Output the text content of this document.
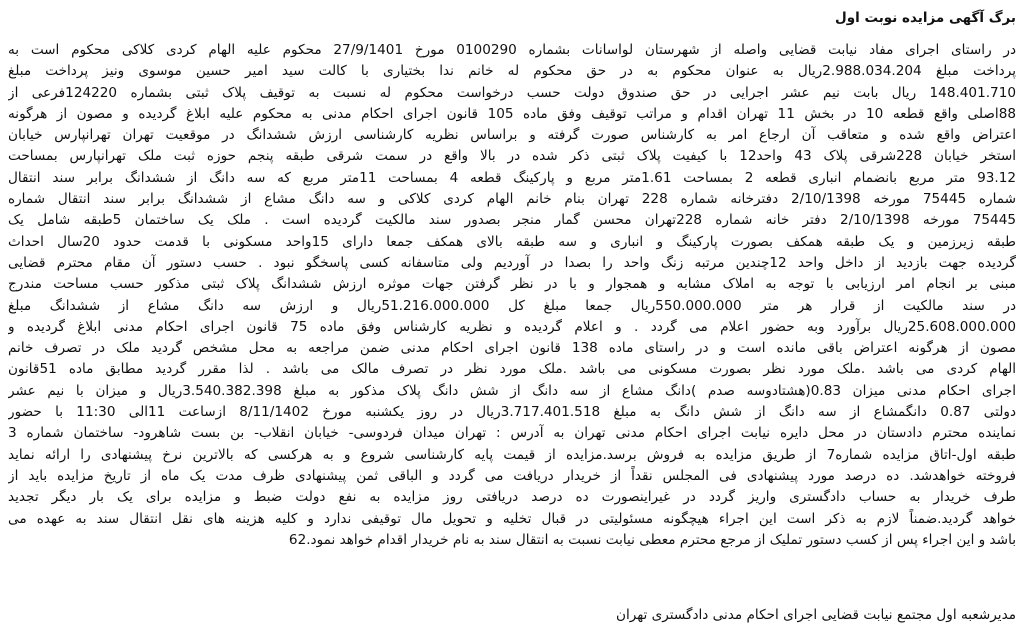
برگ آگهی مزایده نوبت اول
در راستای اجرای مفاد نیابت قضایی واصله از شهرستان لواسانات بشماره 0100290 مورخ 27/9/1401 محکوم علیه الهام کردی کلاکی محکوم است به
پرداخت مبلغ 2.988.034.204ریال به عنوان محکوم به در حق محکوم له خانم ندا بختیاری با کالت سید امیر حسین موسوی ونیز پرداخت مبلغ
148.401.710 ریال بابت نیم عشر اجرایی در حق صندوق دولت حسب درخواست محکوم له نسبت به توقیف پلاک ثبتی بشماره 124220فرعی از
88اصلی واقع قطعه 10 در بخش 11 تهران اقدام و مراتب توقیف وفق ماده 105 قانون اجرای احکام مدنی به محکوم علیه ابلاغ گردیده و مصون از هرگونه
اعتراض واقع شده و متعاقب آن ارجاع امر به کارشناس صورت گرفته و براساس نظریه کارشناسی ارزش ششدانگ در موقعیت تهران تهرانپارس خیابان
استخر خیابان 228شرقی پلاک 43 واحد12 با کیفیت پلاک ثبتی ذکر شده در بالا واقع در سمت شرقی طبقه پنجم حوزه ثبت ملک تهرانپارس بمساحت
93.12 متر مربع بانضمام انباری قطعه 2 بمساحت 1.61متر مربع و پارکینگ قطعه 4 بمساحت 11متر مربع که سه دانگ از ششدانگ برابر سند انتقال
شماره 75445 مورخه 2/10/1398 دفترخانه شماره 228 تهران بنام خانم الهام کردی کلاکی و سه دانگ مشاع از ششدانگ برابر سند انتقال شماره
75445 مورخه 2/10/1398 دفتر خانه شماره 228تهران محسن گمار منجر بصدور سند مالکیت گردیده است . ملک یک ساختمان 5طبقه شامل یک
طبقه زیرزمین و یک طبقه همکف بصورت پارکینگ و انباری و سه طبقه بالای همکف جمعا دارای 15واحد مسکونی با قدمت حدود 20سال احداث
گردیده جهت بازدید از داخل واحد 12چندین مرتبه زنگ واحد را بصدا در آوردیم ولی متاسفانه کسی پاسخگو نبود . حسب دستور آن مقام محترم قضایی
مبنی بر انجام امر ارزیابی با توجه به املاک مشابه و همجوار و با در نظر گرفتن جهات موثره ارزش ششدانگ پلاک ثبتی مذکور حسب مساحت مندرج
در سند مالکیت از قرار هر متر 550.000.000ریال جمعا مبلغ کل 51.216.000.000ریال و ارزش سه دانگ مشاع از ششدانگ مبلغ
25.608.000.000ریال برآورد وبه حضور اعلام می گردد . و اعلام گردیده و نظریه کارشناس وفق ماده 75 قانون اجرای احکام مدنی ابلاغ گردیده و
مصون از هرگونه اعتراض باقی مانده است و در راستای ماده 138 قانون اجرای احکام مدنی ضمن مراجعه به محل مشخص گردید ملک در تصرف خانم
الهام کردی می باشد .ملک مورد نظر بصورت مسکونی می باشد .ملک مورد نظر در تصرف مالک می باشد . لذا مقرر گردید مطابق ماده 51قانون
اجرای احکام مدنی میزان 0.83(هشتادوسه صدم )دانگ مشاع از سه دانگ از شش دانگ پلاک مذکور به مبلغ 3.540.382.398ریال و میزان با نیم عشر
دولتی 0.87 دانگمشاع از سه دانگ از شش دانگ به مبلغ 3.717.401.518ریال در روز یکشنبه مورخ 8/11/1402 ازساعت 11الی 11:30 با حضور
نماینده محترم دادستان در محل دایره نیابت اجرای احکام مدنی تهران به آدرس : تهران میدان فردوسی- خیابان انقلاب- بن بست شاهرود- ساختمان شماره 3
طبقه اول-اتاق مزایده شماره7 از طریق مزایده به فروش برسد.مزایده از قیمت پایه کارشناسی شروع و به هرکسی که بالاترین نرخ پیشنهادی را ارائه نماید
فروخته خواهدشد. ده درصد مورد پیشنهادی فی المجلس نقداً از خریدار دریافت می گردد و الباقی ثمن پیشنهادی ظرف مدت یک ماه از تاریخ مزایده باید از
طرف خریدار به حساب دادگستری واریز گردد در غیراینصورت ده درصد دریافتی روز مزایده به نفع دولت ضبط و مزایده برای یک بار دیگر تجدید
خواهد گردید.ضمناً لازم به ذکر است این اجراء هیچگونه مسئولیتی در قبال تخلیه و تحویل مال توقیفی ندارد و کلیه هزینه های نقل انتقال سند به عهده می
باشد و این اجراء پس از کسب دستور تملیک از مرجع محترم معطی نیابت نسبت به انتقال سند به نام خریدار اقدام خواهد نمود.62
مدیرشعبه اول مجتمع نیابت قضایی اجرای احکام مدنی دادگستری تهران
